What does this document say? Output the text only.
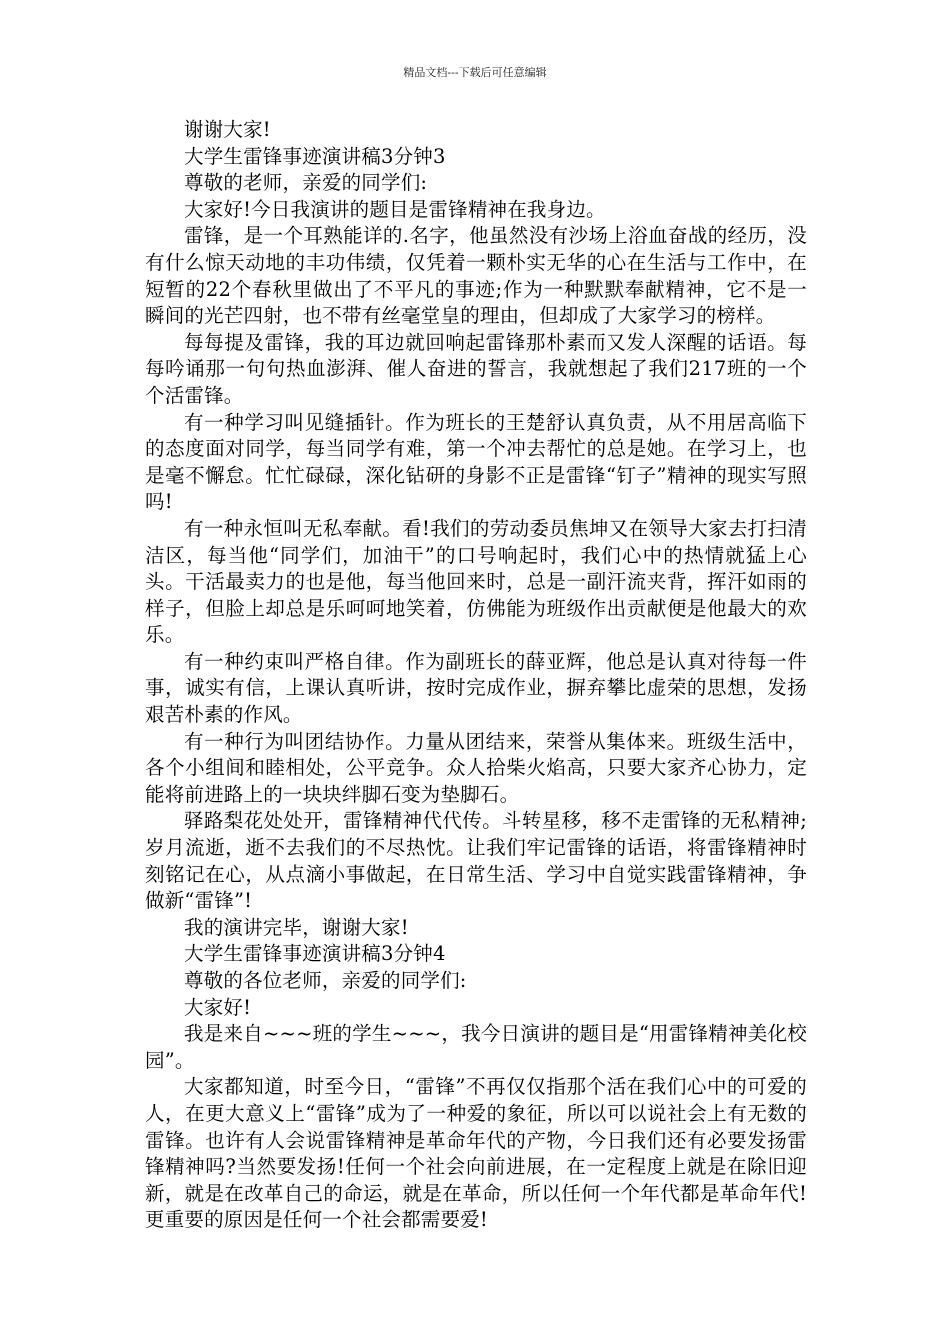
精品文档---下载后可任意编辑

谢谢大家!

大学生雷锋事迹演讲稿3分钟3

尊敬的老师，亲爱的同学们:

大家好!今日我演讲的题目是雷锋精神在我身边。

雷锋，是一个耳熟能详的.名字，他虽然没有沙场上浴血奋战的经历，没有什么惊天动地的丰功伟绩，仅凭着一颗朴实无华的心在生活与工作中，在短暂的22个春秋里做出了不平凡的事迹;作为一种默默奉献精神，它不是一瞬间的光芒四射，也不带有丝毫堂皇的理由，但却成了大家学习的榜样。

每每提及雷锋，我的耳边就回响起雷锋那朴素而又发人深醒的话语。每每吟诵那一句句热血澎湃、催人奋进的誓言，我就想起了我们217班的一个个活雷锋。

有一种学习叫见缝插针。作为班长的王楚舒认真负责，从不用居高临下的态度面对同学，每当同学有难，第一个冲去帮忙的总是她。在学习上，也是毫不懈怠。忙忙碌碌，深化钻研的身影不正是雷锋“钉子”精神的现实写照吗!

有一种永恒叫无私奉献。看!我们的劳动委员焦坤又在领导大家去打扫清洁区，每当他“同学们，加油干”的口号响起时，我们心中的热情就猛上心头。干活最卖力的也是他，每当他回来时，总是一副汗流夹背，挥汗如雨的样子，但脸上却总是乐呵呵地笑着，仿佛能为班级作出贡献便是他最大的欢乐。

有一种约束叫严格自律。作为副班长的薛亚辉，他总是认真对待每一件事，诚实有信，上课认真听讲，按时完成作业，摒弃攀比虚荣的思想，发扬艰苦朴素的作风。

有一种行为叫团结协作。力量从团结来，荣誉从集体来。班级生活中，各个小组间和睦相处，公平竞争。众人拾柴火焰高，只要大家齐心协力，定能将前进路上的一块块绊脚石变为垫脚石。

驿路梨花处处开，雷锋精神代代传。斗转星移，移不走雷锋的无私精神;岁月流逝，逝不去我们的不尽热忱。让我们牢记雷锋的话语，将雷锋精神时刻铭记在心，从点滴小事做起，在日常生活、学习中自觉实践雷锋精神，争做新“雷锋”!

我的演讲完毕，谢谢大家!

大学生雷锋事迹演讲稿3分钟4

尊敬的各位老师，亲爱的同学们:

大家好!

我是来自~~~班的学生~~~，我今日演讲的题目是“用雷锋精神美化校园”。

大家都知道，时至今日，“雷锋”不再仅仅指那个活在我们心中的可爱的人，在更大意义上“雷锋”成为了一种爱的象征，所以可以说社会上有无数的雷锋。也许有人会说雷锋精神是革命年代的产物，今日我们还有必要发扬雷锋精神吗?当然要发扬!任何一个社会向前进展，在一定程度上就是在除旧迎新，就是在改革自己的命运，就是在革命，所以任何一个年代都是革命年代!更重要的原因是任何一个社会都需要爱!
